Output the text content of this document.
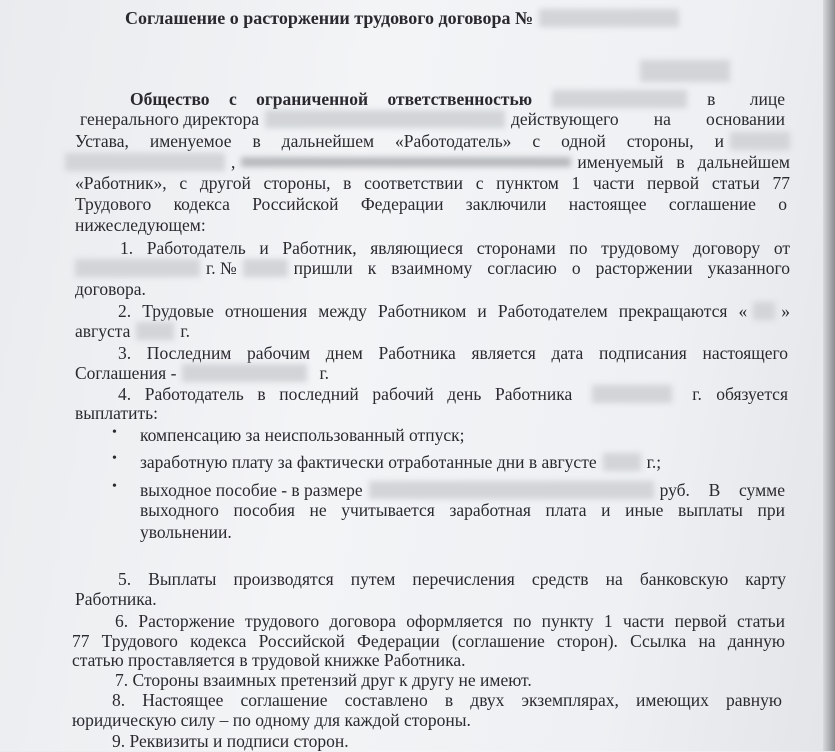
Соглашение о расторжении трудового договора №
Общество с ограниченной ответственностью	в лице
генерального директора	действующего на основании
Устава, именуемое в дальнейшем «Работодатель» с одной стороны, и
,	именуемый в дальнейшем
«Работник», с другой стороны, в соответствии с пунктом 1 части первой статьи 77
Трудового кодекса Российской Федерации заключили настоящее соглашение о
нижеследующем:
1. Работодатель и Работник, являющиеся сторонами по трудовому договору от
г. №	пришли к взаимному согласию о расторжении указанного
договора.
2. Трудовые отношения между Работником и Работодателем прекращаются « »
августа	г.
3. Последним рабочим днем Работника является дата подписания настоящего
Соглашения -	г.
4. Работодатель в последний рабочий день Работника	г. обязуется
выплатить:
• компенсацию за неиспользованный отпуск;
• заработную плату за фактически отработанные дни в августе	г.;
• выходное пособие - в размере	руб. В сумме
выходного пособия не учитывается заработная плата и иные выплаты при
увольнении.
5. Выплаты производятся путем перечисления средств на банковскую карту
Работника.
6. Расторжение трудового договора оформляется по пункту 1 части первой статьи
77 Трудового кодекса Российской Федерации (соглашение сторон). Ссылка на данную
статью проставляется в трудовой книжке Работника.
7. Стороны взаимных претензий друг к другу не имеют.
8. Настоящее соглашение составлено в двух экземплярах, имеющих равную
юридическую силу – по одному для каждой стороны.
9. Реквизиты и подписи сторон.
